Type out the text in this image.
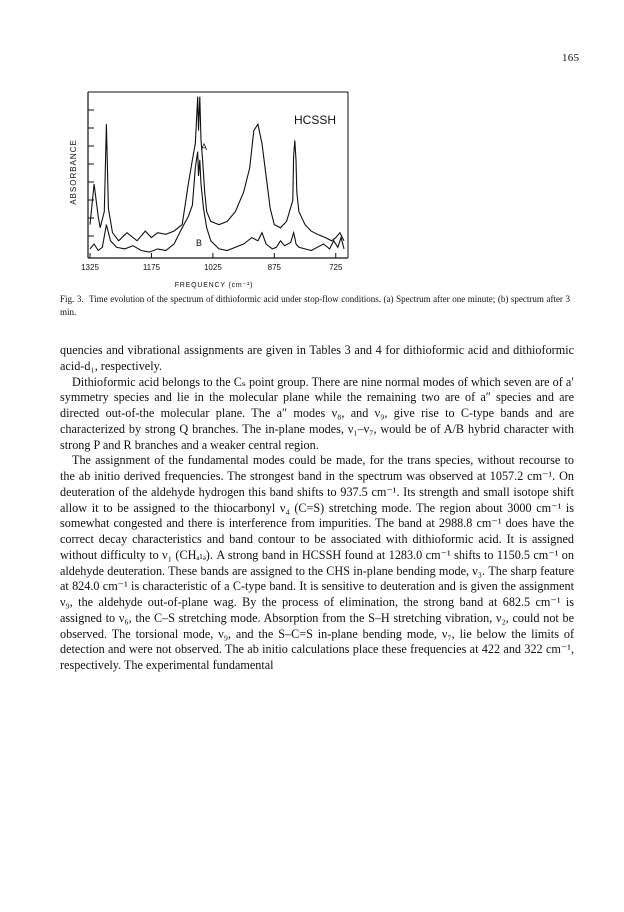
165
1325	1175	1025	875	725
HCSSH
A
B
ABSORBANCE
FREQUENCY (cm⁻¹)
Fig. 3. Time evolution of the spectrum of dithioformic acid under stop-flow conditions. (a) Spectrum after one minute; (b) spectrum after 3 min.

quencies and vibrational assignments are given in Tables 3 and 4 for dithioformic acid and dithioformic acid-d₁, respectively.

Dithioformic acid belongs to the Cₛ point group. There are nine normal modes of which seven are of a′ symmetry species and lie in the molecular plane while the remaining two are of a″ species and are directed out-of-the molecular plane. The a″ modes ν₈, and ν₉, give rise to C-type bands and are characterized by strong Q branches. The in-plane modes, ν₁–ν₇, would be of A/B hybrid character with strong P and R branches and a weaker central region.

The assignment of the fundamental modes could be made, for the trans species, without recourse to the ab initio derived frequencies. The strongest band in the spectrum was observed at 1057.2 cm⁻¹. On deuteration of the aldehyde hydrogen this band shifts to 937.5 cm⁻¹. Its strength and small isotope shift allow it to be assigned to the thiocarbonyl ν₄ (C=S) stretching mode. The region about 3000 cm⁻¹ is somewhat congested and there is interference from impurities. The band at 2988.8 cm⁻¹ does have the correct decay characteristics and band contour to be associated with dithioformic acid. It is assigned without difficulty to ν₁ (CHₐₗₔ). A strong band in HCSSH found at 1283.0 cm⁻¹ shifts to 1150.5 cm⁻¹ on aldehyde deuteration. These bands are assigned to the CHS in-plane bending mode, ν₃. The sharp feature at 824.0 cm⁻¹ is characteristic of a C-type band. It is sensitive to deuteration and is given the assignment ν₉, the aldehyde out-of-plane wag. By the process of elimination, the strong band at 682.5 cm⁻¹ is assigned to ν₆, the C–S stretching mode. Absorption from the S–H stretching vibration, ν₂, could not be observed. The torsional mode, ν₉, and the S–C=S in-plane bending mode, ν₇, lie below the limits of detection and were not observed. The ab initio calculations place these frequencies at 422 and 322 cm⁻¹, respectively. The experimental fundamental
